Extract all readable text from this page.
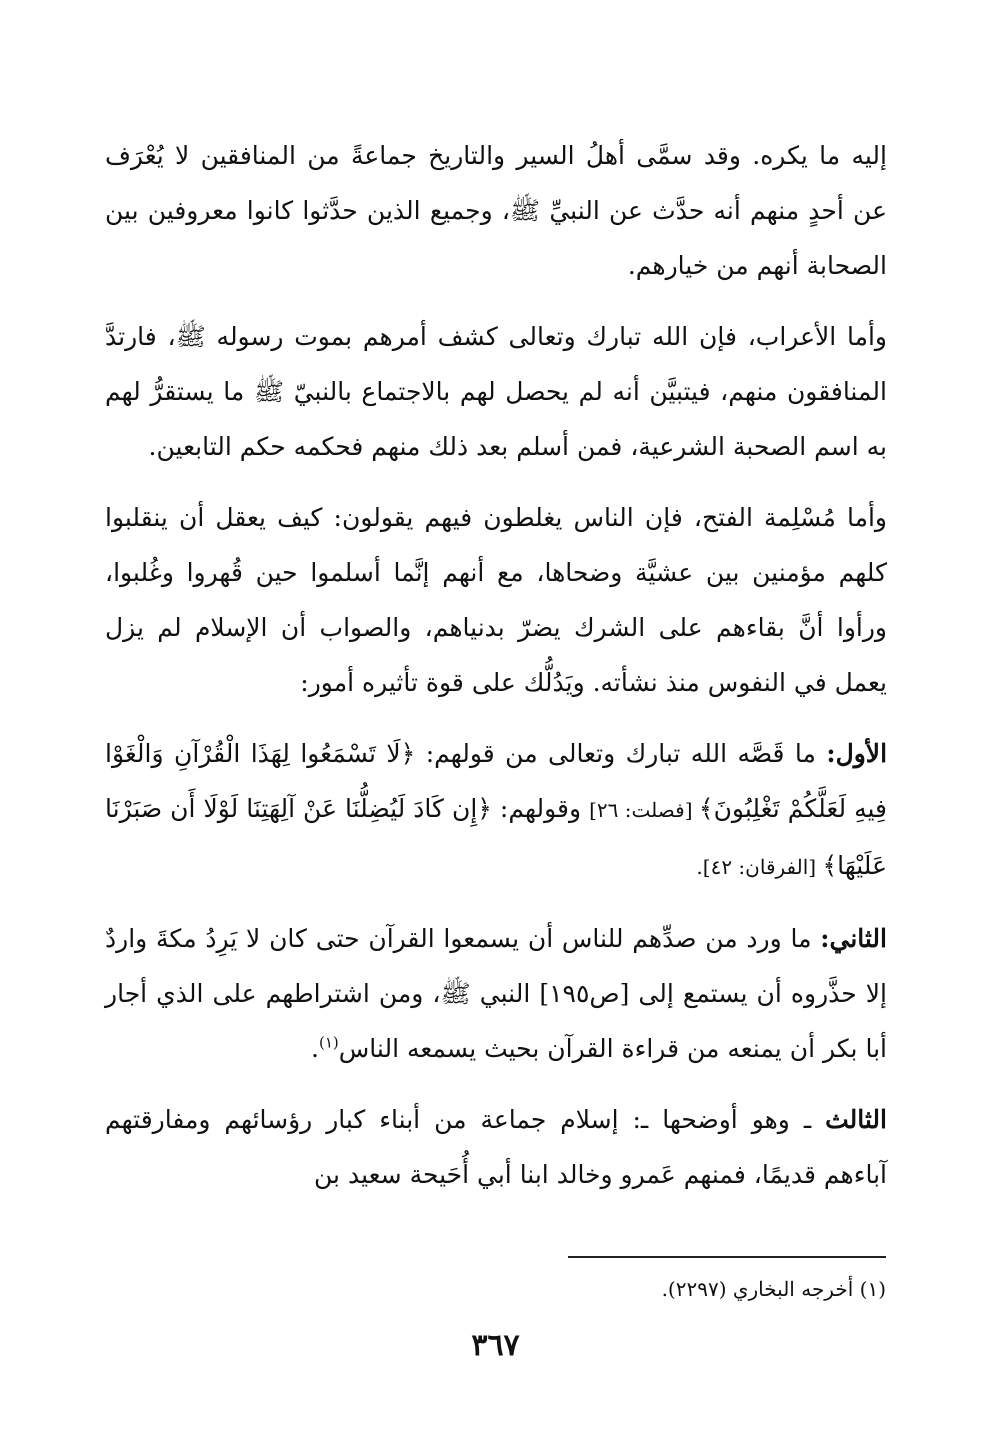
إليه ما يكره. وقد سمَّى أهلُ السير والتاريخ جماعةً من المنافقين لا يُعْرَف عن أحدٍ منهم أنه حدَّث عن النبيِّ ﷺ، وجميع الذين حدَّثوا كانوا معروفين بين الصحابة أنهم من خيارهم.

وأما الأعراب، فإن الله تبارك وتعالى كشف أمرهم بموت رسوله ﷺ، فارتدَّ المنافقون منهم، فيتبيَّن أنه لم يحصل لهم بالاجتماع بالنبيّ ﷺ ما يستقرُّ لهم به اسم الصحبة الشرعية، فمن أسلم بعد ذلك منهم فحكمه حكم التابعين.

وأما مُسْلِمة الفتح، فإن الناس يغلطون فيهم يقولون: كيف يعقل أن ينقلبوا كلهم مؤمنين بين عشيَّة وضحاها، مع أنهم إنَّما أسلموا حين قُهروا وغُلبوا، ورأوا أنَّ بقاءهم على الشرك يضرّ بدنياهم، والصواب أن الإسلام لم يزل يعمل في النفوس منذ نشأته. ويَدُلُّك على قوة تأثيره أمور:

الأول: ما قَصَّه الله تبارك وتعالى من قولهم: ﴿لَا تَسْمَعُوا لِهَذَا الْقُرْآنِ وَالْغَوْا فِيهِ لَعَلَّكُمْ تَغْلِبُونَ﴾ [فصلت: ٢٦] وقولهم: ﴿إِن كَادَ لَيُضِلُّنَا عَنْ آلِهَتِنَا لَوْلَا أَن صَبَرْنَا عَلَيْهَا﴾ [الفرقان: ٤٢].

الثاني: ما ورد من صدِّهم للناس أن يسمعوا القرآن حتى كان لا يَرِدُ مكةَ واردٌ إلا حذَّروه أن يستمع إلى [ص١٩٥] النبي ﷺ، ومن اشتراطهم على الذي أجار أبا بكر أن يمنعه من قراءة القرآن بحيث يسمعه الناس$^{(١)}$.

الثالث ـ وهو أوضحها ـ: إسلام جماعة من أبناء كبار رؤسائهم ومفارقتهم آباءهم قديمًا، فمنهم عَمرو وخالد ابنا أبي أُحَيحة سعيد بن

(١) أخرجه البخاري (٢٢٩٧).
٣٦٧
